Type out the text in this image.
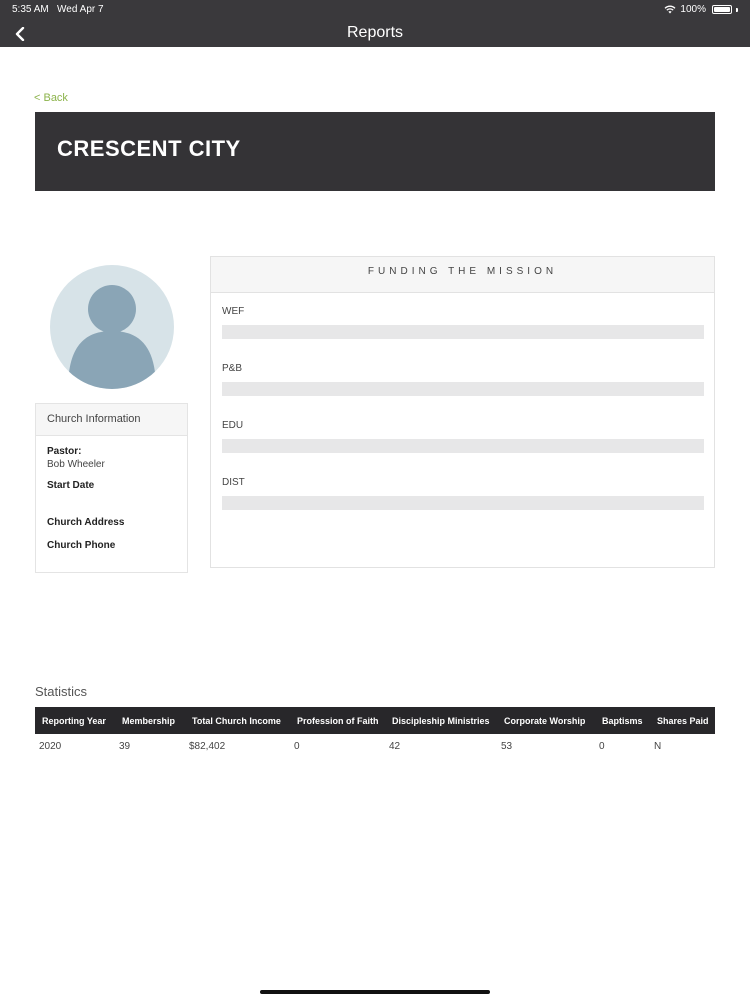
5:35 AM Wed Apr 7	100%
Reports
< Back
CRESCENT CITY
Church Information
Pastor:
Bob Wheeler
Start Date
Church Address
Church Phone
FUNDING THE MISSION
WEF
P&B
EDU
DIST
Statistics
Reporting Year	Membership	Total Church Income	Profession of Faith	Discipleship Ministries	Corporate Worship	Baptisms	Shares Paid
2020	39	$82,402	0	42	53	0	N
